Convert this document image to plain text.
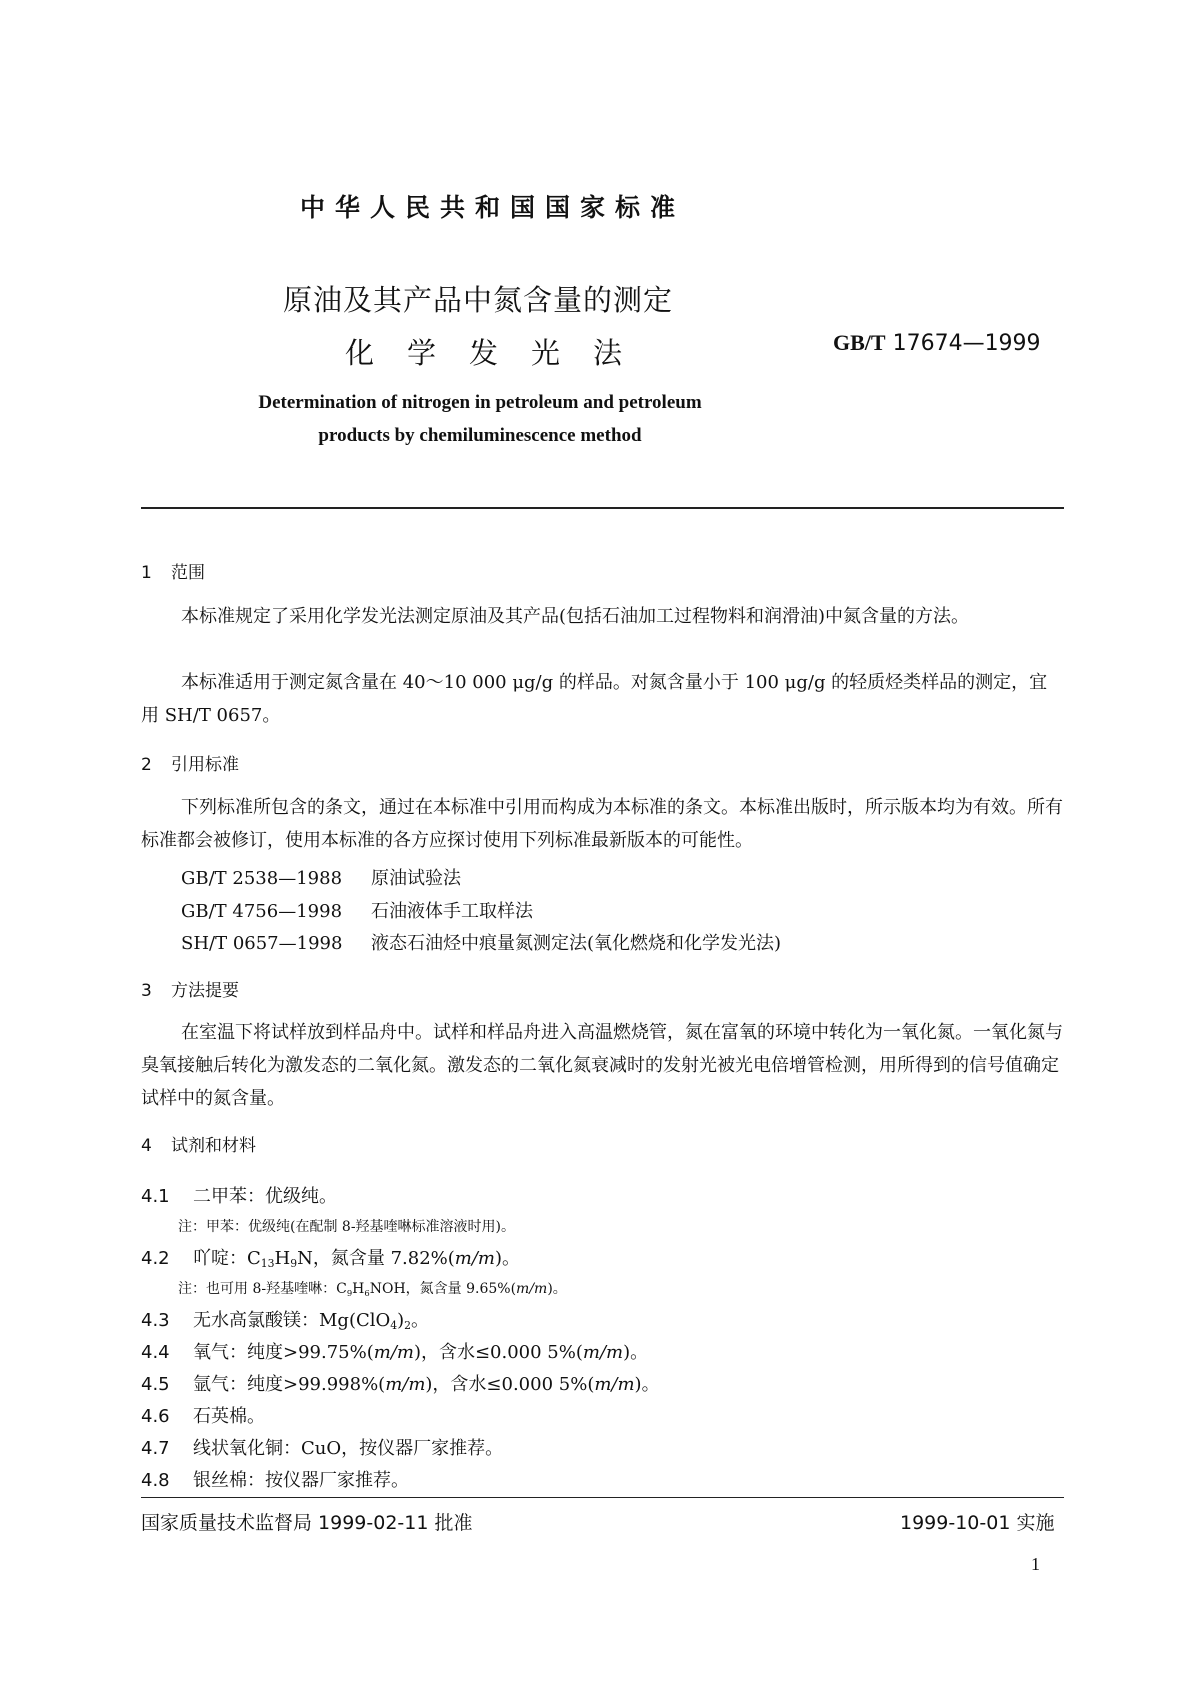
中华人民共和国国家标准
原油及其产品中氮含量的测定
化学发光法	GB/T 17674—1999
Determination of nitrogen in petroleum and petroleum
products by chemiluminescence method
1 范围
本标准规定了采用化学发光法测定原油及其产品(包括石油加工过程物料和润滑油)中氮含量的方法。
本标准适用于测定氮含量在 40～10 000 μg/g 的样品。对氮含量小于 100 μg/g 的轻质烃类样品的测定，宜用 SH/T 0657。
2 引用标准
下列标准所包含的条文，通过在本标准中引用而构成为本标准的条文。本标准出版时，所示版本均为有效。所有标准都会被修订，使用本标准的各方应探讨使用下列标准最新版本的可能性。
GB/T 2538—1988 原油试验法
GB/T 4756—1998 石油液体手工取样法
SH/T 0657—1998 液态石油烃中痕量氮测定法(氧化燃烧和化学发光法)
3 方法提要
在室温下将试样放到样品舟中。试样和样品舟进入高温燃烧管，氮在富氧的环境中转化为一氧化氮。一氧化氮与臭氧接触后转化为激发态的二氧化氮。激发态的二氧化氮衰减时的发射光被光电倍增管检测，用所得到的信号值确定试样中的氮含量。
4 试剂和材料
4.1 二甲苯：优级纯。
注：甲苯：优级纯(在配制 8-羟基喹啉标准溶液时用)。
4.2 吖啶：$C_{13}H_9N$，氮含量 7.82%(m/m)。
注：也可用 8-羟基喹啉：$C_9H_6NOH$，氮含量 9.65%(m/m)。
4.3 无水高氯酸镁：$Mg(ClO_4)_2$。
4.4 氧气：纯度>99.75%(m/m)，含水≤0.000 5%(m/m)。
4.5 氩气：纯度>99.998%(m/m)，含水≤0.000 5%(m/m)。
4.6 石英棉。
4.7 线状氧化铜：CuO，按仪器厂家推荐。
4.8 银丝棉：按仪器厂家推荐。
国家质量技术监督局 1999-02-11 批准	1999-10-01 实施
1
